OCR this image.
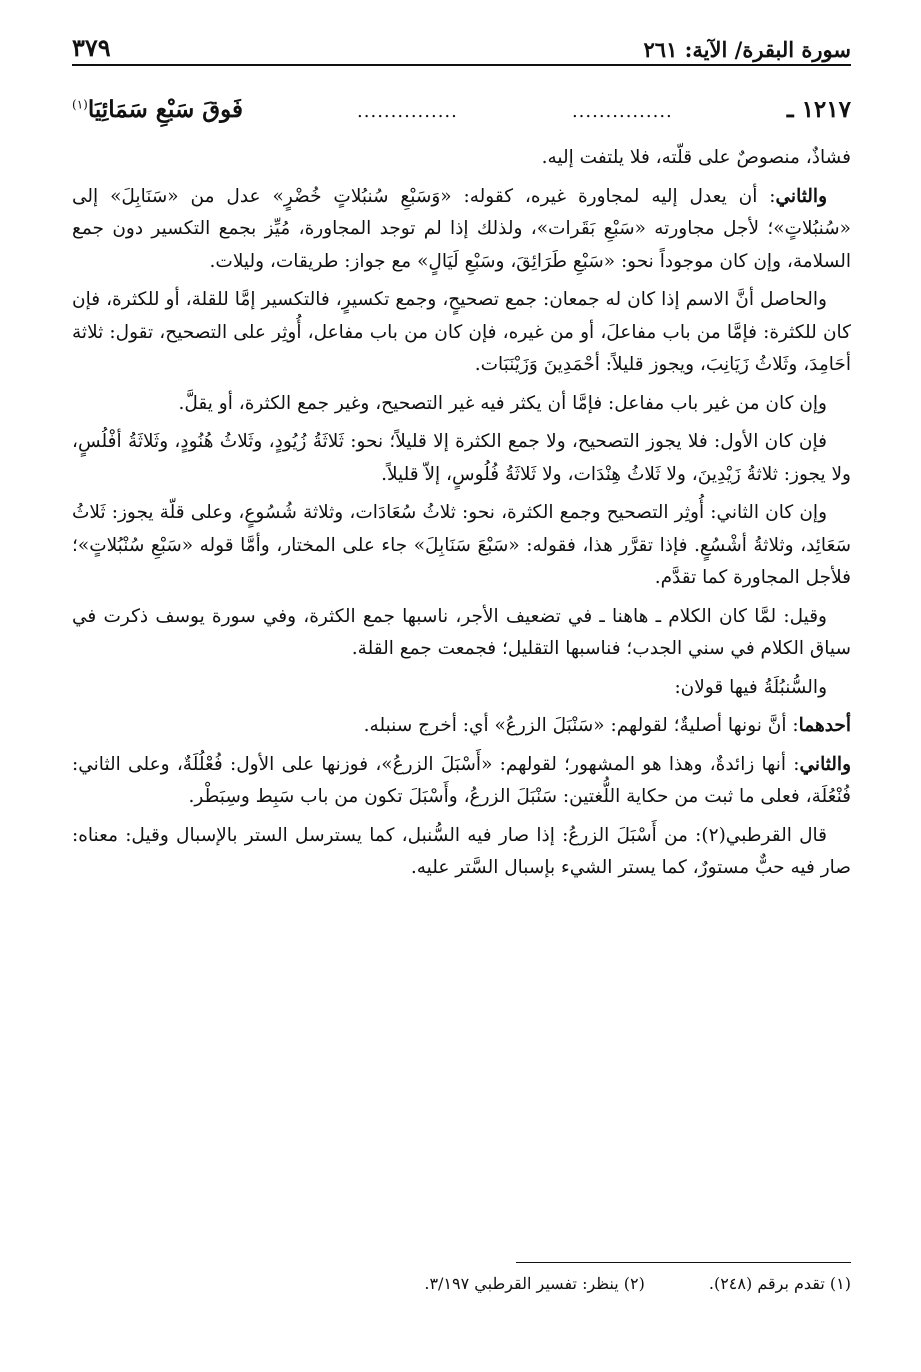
سورة البقرة/ الآية: ٢٦١
٣٧٩
١٢١٧ ـ
...............
...............
فَوقَ سَبْعِ سَمَائِيَا$^{(١)}$

فشاذٌ، منصوصٌ على قلّته، فلا يلتفت إليه.

والثاني: أن يعدل إليه لمجاورة غيره، كقوله: «وَسَبْعِ سُنبُلاتٍ خُضْرٍ» عدل من «سَنَابِلَ» إلى «سُنبُلاتٍ»؛ لأجل مجاورته «سَبْعِ بَقَرات»، ولذلك إذا لم توجد المجاورة، مُيِّز بجمع التكسير دون جمع السلامة، وإن كان موجوداً نحو: «سَبْعِ طَرَائِقَ، وسَبْعِ لَيَالٍ» مع جواز: طريقات، وليلات.

والحاصل أنَّ الاسم إذا كان له جمعان: جمع تصحيحٍ، وجمع تكسيرٍ، فالتكسير إمَّا للقلة، أو للكثرة، فإن كان للكثرة: فإمَّا من باب مفاعلَ، أو من غيره، فإن كان من باب مفاعل، أُوثِر على التصحيح، تقول: ثلاثة أحَامِدَ، وثَلاثُ زَيَانِبَ، ويجوز قليلاً: أحْمَدِينَ وَزَيْنَبَات.

وإن كان من غير باب مفاعل: فإمَّا أن يكثر فيه غير التصحيح، وغير جمع الكثرة، أو يقلَّ.

فإن كان الأول: فلا يجوز التصحيح، ولا جمع الكثرة إلا قليلاً؛ نحو: ثَلاثَةُ زُيُودٍ، وثَلاثُ هُنُودٍ، وثَلاثَةُ أفْلُسٍ، ولا يجوز: ثلاثةُ زَيْدِينَ، ولا ثَلاثُ هِنْدَات، ولا ثَلاثَةُ فُلُوسٍ، إلاّ قليلاً.

وإن كان الثاني: أُوثِر التصحيح وجمع الكثرة، نحو: ثلاثُ سُعَادَات، وثلاثة شُسُوعٍ، وعلى قلّة يجوز: ثَلاثُ سَعَائِد، وثلاثةُ أشْسُعٍ. فإذا تقرَّر هذا، فقوله: «سَبْعَ سَنَابِلَ» جاء على المختار، وأمَّا قوله «سَبْعِ سُنْبُلاتٍ»؛ فلأجل المجاورة كما تقدَّم.

وقيل: لمَّا كان الكلام ـ هاهنا ـ في تضعيف الأجر، ناسبها جمع الكثرة، وفي سورة يوسف ذكرت في سياق الكلام في سني الجدب؛ فناسبها التقليل؛ فجمعت جمع القلة.

والسُّنبُلَةُ فيها قولان:

أحدهما: أنَّ نونها أصليةٌ؛ لقولهم: «سَنْبَلَ الزرعُ» أي: أخرج سنبله.

والثاني: أنها زائدةٌ، وهذا هو المشهور؛ لقولهم: «أَسْبَلَ الزرعُ»، فوزنها على الأول: فُعْلُلَةٌ، وعلى الثاني: فُنْعُلَة، فعلى ما ثبت من حكاية اللُّغتين: سَنْبَلَ الزرعُ، وأَسْبَلَ تكون من باب سَبِط وسِبَطْر.

قال القرطبي(٢): من أَسْبَلَ الزرعُ: إذا صار فيه السُّنبل، كما يسترسل الستر بالإسبال وقيل: معناه: صار فيه حبٌّ مستورٌ، كما يستر الشيء بإسبال السَّتر عليه.

(١) تقدم برقم (٢٤٨).
(٢) ينظر: تفسير القرطبي ٣/١٩٧.
